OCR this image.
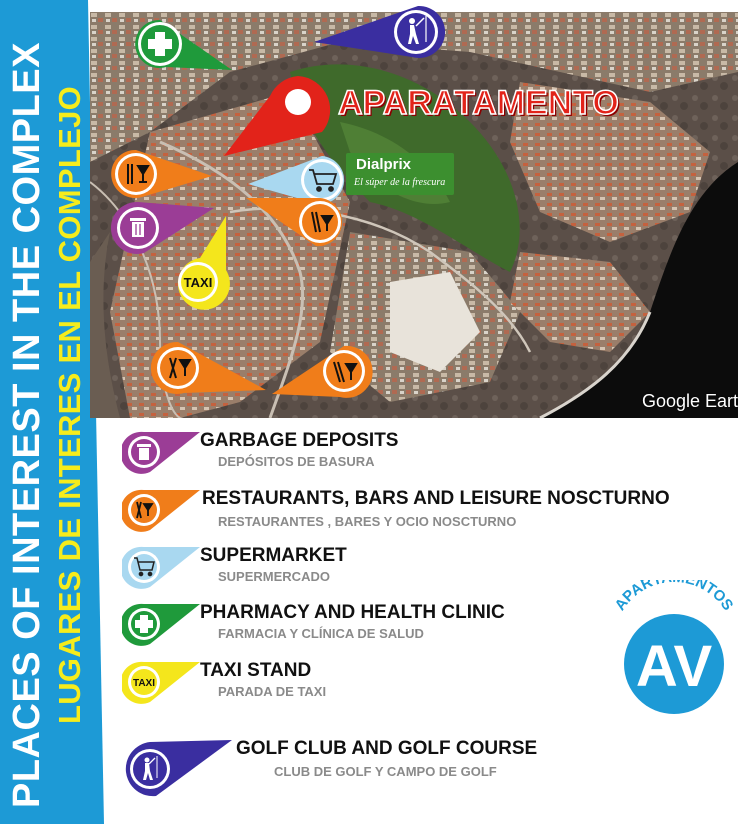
PLACES OF INTEREST IN THE COMPLEX LUGARES DE INTERES EN EL COMPLEJO	Google Eart
APARATAMENTO
Dialprix
El súper de la frescura
TAXI
GARBAGE DEPOSITS
DEPÓSITOS DE BASURA
RESTAURANTS, BARS AND LEISURE NOSCTURNO
RESTAURANTES , BARES Y OCIO NOSCTURNO
SUPERMARKET
SUPERMERCADO
PHARMACY AND HEALTH CLINIC
FARMACIA Y CLÍNICA DE SALUD
TAXI
TAXI STAND
PARADA DE TAXI
GOLF CLUB AND GOLF COURSE
CLUB DE GOLF Y CAMPO DE GOLF
APAR NTOS
AV
